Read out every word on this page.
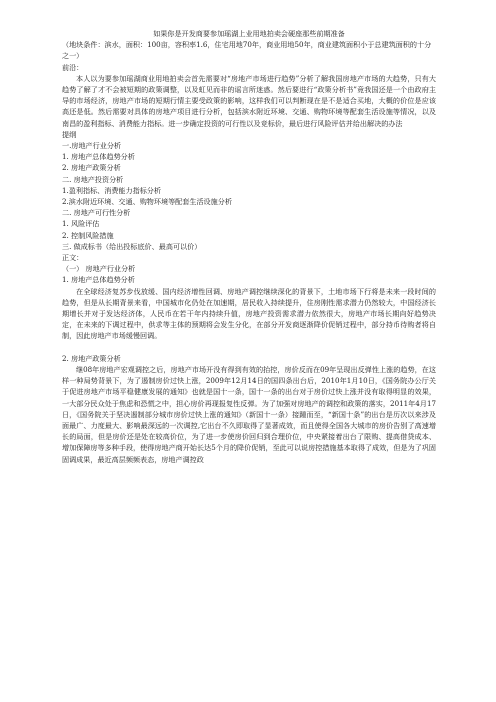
如果你是开发商要参加瑶湖上业用地拍卖会硬座那些前期准备

（地块条件：滨水，面积：100亩，容积率1.6，住宅用地70年，商业用地50年，商业建筑面积小于总建筑面积的十分之一）

前沿：

本人以为要参加瑶湖商业用地拍卖会首先需要对“房地产市场进行趋势”分析了解我国房地产市场的大趋势，只有大趋势了解了才不会被短期的政策调整，以及虹见而非的谣言所迷惑。然后要进行“政策分析书”竟我国还是一个由政府主导的市场经济，房地产市场的短期行情主要受政策的影响，这样我们可以判断现在是不是适合买地，大概的价位是应该高还是低。然后需要对具体的房地产项目进行分析，包括滨水附近环境、交通、购物环境等配套生活设施等情况，以及南昌的盈利指标、消费能力指标。进一步确定投资的可行性以及竞标价，最后进行风险评估并给出解决的办法

提纲

一.房地产行业分析

1. 房地产总体趋势分析

2. 房地产政策分析

二. 房地产投资分析

1.盈利指标、消费能力指标分析

2.滨水附近环境、交通、购物环境等配套生活设施分析

二. 房地产可行性分析

1. 风险评估

2. 控制风险措施

三. 做成标书（给出投标底价、最高可以价）

正文：

（一） 房地产行业分析

1. 房地产总体趋势分析

在全球经济复苏步伐放缓、国内经济增性回调、房地产调控继续深化的背景下，土地市场下行将是未来一段时间的趋势，但是从长期背景来看，中国城市化仍处在加速期，居民收入持续提升，住房刚性需求潜力仍然较大，中国经济长期增长并对于发达经济体，人民币在若干年内持续升值，房地产投资需求潜力依然很大，房地产市场长期向好趋势决定，在未来的下调过程中，供求等主体的预期将会发生分化，在部分开发商逐渐降价促销过程中，部分持币待购者将自制，因此房地产市场缓慢回调。

2. 房地产政策分析

继08年房地产宏观调控之后，房地产市场开没有得到有效的抬控，房价反而在09年呈现出反弹性上涨的趋势，在这样一种局势背景下，为了遏制房价过快上涨，2009年12月14日的国四条出台后，2010年1月10日，《国务院办公厅关于促进房地产市场平稳健康发展的通知》也就是国十一条，国十一条的出台对于房价过快上涨并没有取得明显的效果，一大部分民众处于焦虑和恐慌之中，担心房价再现报复性反弹。为了加强对房地产的调控和政策的落实，2011年4月17日，《国务院关于坚决遏制部分城市房价过快上涨的通知》（新国十一条）接踵而至，“新国十条”的出台是历次以来涉及面最广、力度最大、影响最深远的一次调控,它出台不久即取得了显著成效，而且使得全国各大城市的房价告别了高速增长的局面，但是房价还是处在较高价位，为了进一步使房价回归到合理价位，中央紧接着出台了限购、提高借贷成本、增加保障房等多种手段，使得房地产商开始长达5个月的降价促销，至此可以说房控措施基本取得了成效，但是为了巩固固调成果，最近高层频频表态，房地产调控政
